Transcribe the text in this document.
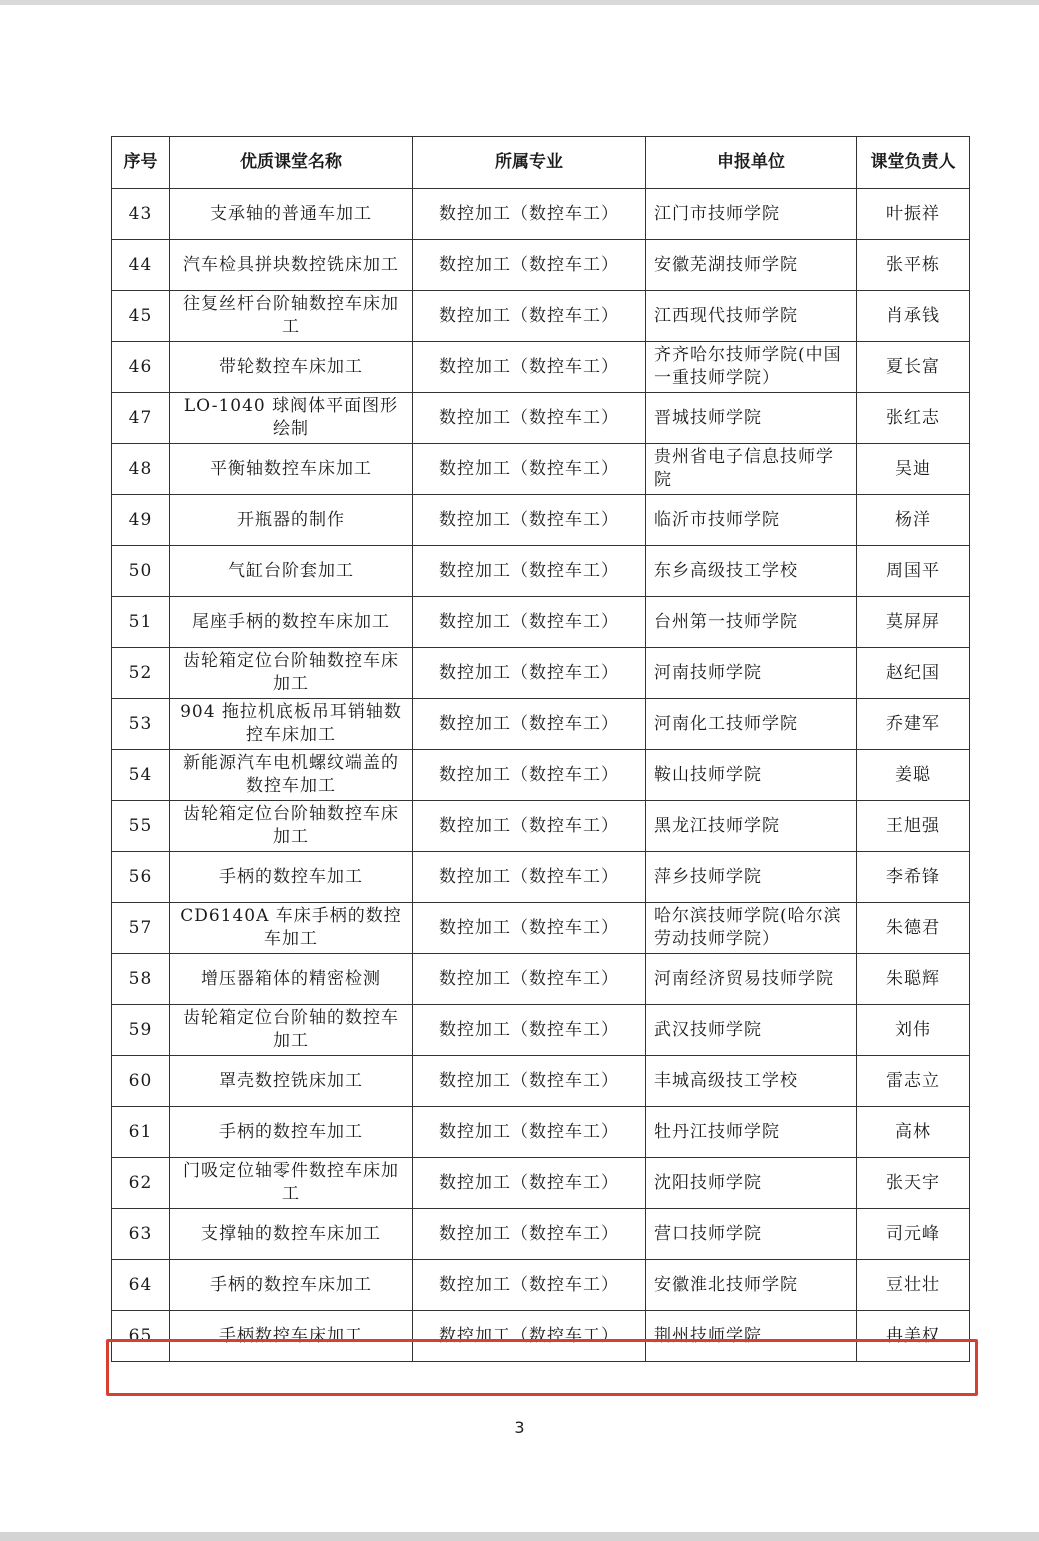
序号	优质课堂名称	所属专业	申报单位	课堂负责人
43	支承轴的普通车加工	数控加工（数控车工）	江门市技师学院	叶振祥
44	汽车检具拼块数控铣床加工	数控加工（数控车工）	安徽芜湖技师学院	张平栋
45	往复丝杆台阶轴数控车床加工	数控加工（数控车工）	江西现代技师学院	肖承钱
46	带轮数控车床加工	数控加工（数控车工）	齐齐哈尔技师学院(中国一重技师学院）	夏长富
47	LO-1040 球阀体平面图形绘制	数控加工（数控车工）	晋城技师学院	张红志
48	平衡轴数控车床加工	数控加工（数控车工）	贵州省电子信息技师学院	吴迪
49	开瓶器的制作	数控加工（数控车工）	临沂市技师学院	杨洋
50	气缸台阶套加工	数控加工（数控车工）	东乡高级技工学校	周国平
51	尾座手柄的数控车床加工	数控加工（数控车工）	台州第一技师学院	莫屏屏
52	齿轮箱定位台阶轴数控车床加工	数控加工（数控车工）	河南技师学院	赵纪国
53	904 拖拉机底板吊耳销轴数控车床加工	数控加工（数控车工）	河南化工技师学院	乔建军
54	新能源汽车电机螺纹端盖的数控车加工	数控加工（数控车工）	鞍山技师学院	姜聪
55	齿轮箱定位台阶轴数控车床加工	数控加工（数控车工）	黑龙江技师学院	王旭强
56	手柄的数控车加工	数控加工（数控车工）	萍乡技师学院	李希锋
57	CD6140A 车床手柄的数控车加工	数控加工（数控车工）	哈尔滨技师学院(哈尔滨劳动技师学院）	朱德君
58	增压器箱体的精密检测	数控加工（数控车工）	河南经济贸易技师学院	朱聪辉
59	齿轮箱定位台阶轴的数控车加工	数控加工（数控车工）	武汉技师学院	刘伟
60	罩壳数控铣床加工	数控加工（数控车工）	丰城高级技工学校	雷志立
61	手柄的数控车加工	数控加工（数控车工）	牡丹江技师学院	高林
62	门吸定位轴零件数控车床加工	数控加工（数控车工）	沈阳技师学院	张天宇
63	支撑轴的数控车床加工	数控加工（数控车工）	营口技师学院	司元峰
64	手柄的数控车床加工	数控加工（数控车工）	安徽淮北技师学院	豆壮壮
65	手柄数控车床加工	数控加工（数控车工）	荆州技师学院	冉美权
3
